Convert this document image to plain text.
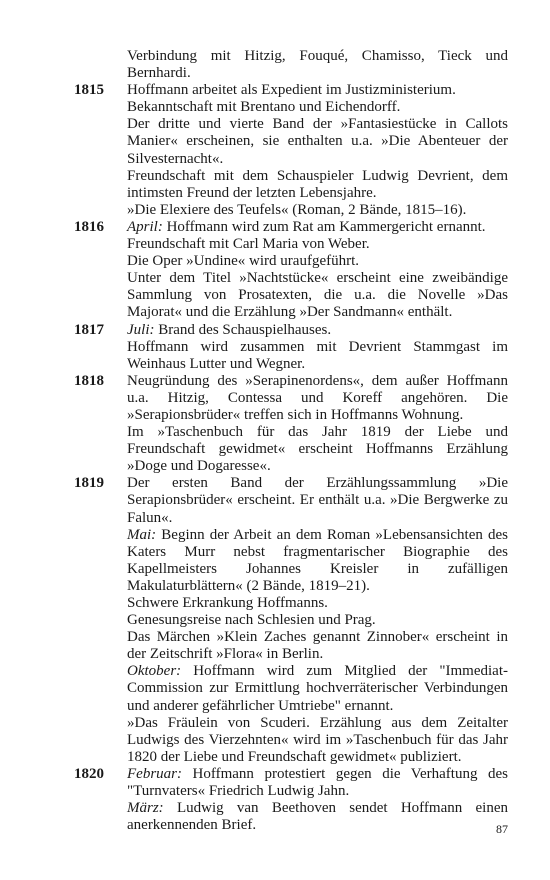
Verbindung mit Hitzig, Fouqué, Chamisso, Tieck und Bernhardi.
1815	Hoffmann arbeitet als Expedient im Justizministerium.
Bekanntschaft mit Brentano und Eichendorff.
Der dritte und vierte Band der »Fantasiestücke in Callots Manier« erscheinen, sie enthalten u.a. »Die Abenteuer der Silvesternacht«.
Freundschaft mit dem Schauspieler Ludwig Devrient, dem intimsten Freund der letzten Lebensjahre.
»Die Elexiere des Teufels« (Roman, 2 Bände, 1815–16).
1816	April: Hoffmann wird zum Rat am Kammergericht ernannt.
Freundschaft mit Carl Maria von Weber.
Die Oper »Undine« wird uraufgeführt.
Unter dem Titel »Nachtstücke« erscheint eine zweibändige Sammlung von Prosatexten, die u.a. die Novelle »Das Majorat« und die Erzählung »Der Sandmann« enthält.
1817	Juli: Brand des Schauspielhauses.
Hoffmann wird zusammen mit Devrient Stammgast im Weinhaus Lutter und Wegner.
1818	Neugründung des »Serapinenordens«, dem außer Hoffmann u.a. Hitzig, Contessa und Koreff angehören. Die »Serapionsbrüder« treffen sich in Hoffmanns Wohnung.
Im »Taschenbuch für das Jahr 1819 der Liebe und Freundschaft gewidmet« erscheint Hoffmanns Erzählung »Doge und Dogaresse«.
1819	Der ersten Band der Erzählungssammlung »Die Serapionsbrüder« erscheint. Er enthält u.a. »Die Bergwerke zu Falun«.
Mai: Beginn der Arbeit an dem Roman »Lebensansichten des Katers Murr nebst fragmentarischer Biographie des Kapellmeisters Johannes Kreisler in zufälligen Makulaturblättern« (2 Bände, 1819–21).
Schwere Erkrankung Hoffmanns.
Genesungsreise nach Schlesien und Prag.
Das Märchen »Klein Zaches genannt Zinnober« erscheint in der Zeitschrift »Flora« in Berlin.
Oktober: Hoffmann wird zum Mitglied der "Immediat-Commission zur Ermittlung hochverräterischer Verbindungen und anderer gefährlicher Umtriebe" ernannt.
»Das Fräulein von Scuderi. Erzählung aus dem Zeitalter Ludwigs des Vierzehnten« wird im »Taschenbuch für das Jahr 1820 der Liebe und Freundschaft gewidmet« publiziert.
1820	Februar: Hoffmann protestiert gegen die Verhaftung des "Turnvaters« Friedrich Ludwig Jahn.
März: Ludwig van Beethoven sendet Hoffmann einen anerkennenden Brief.	87
